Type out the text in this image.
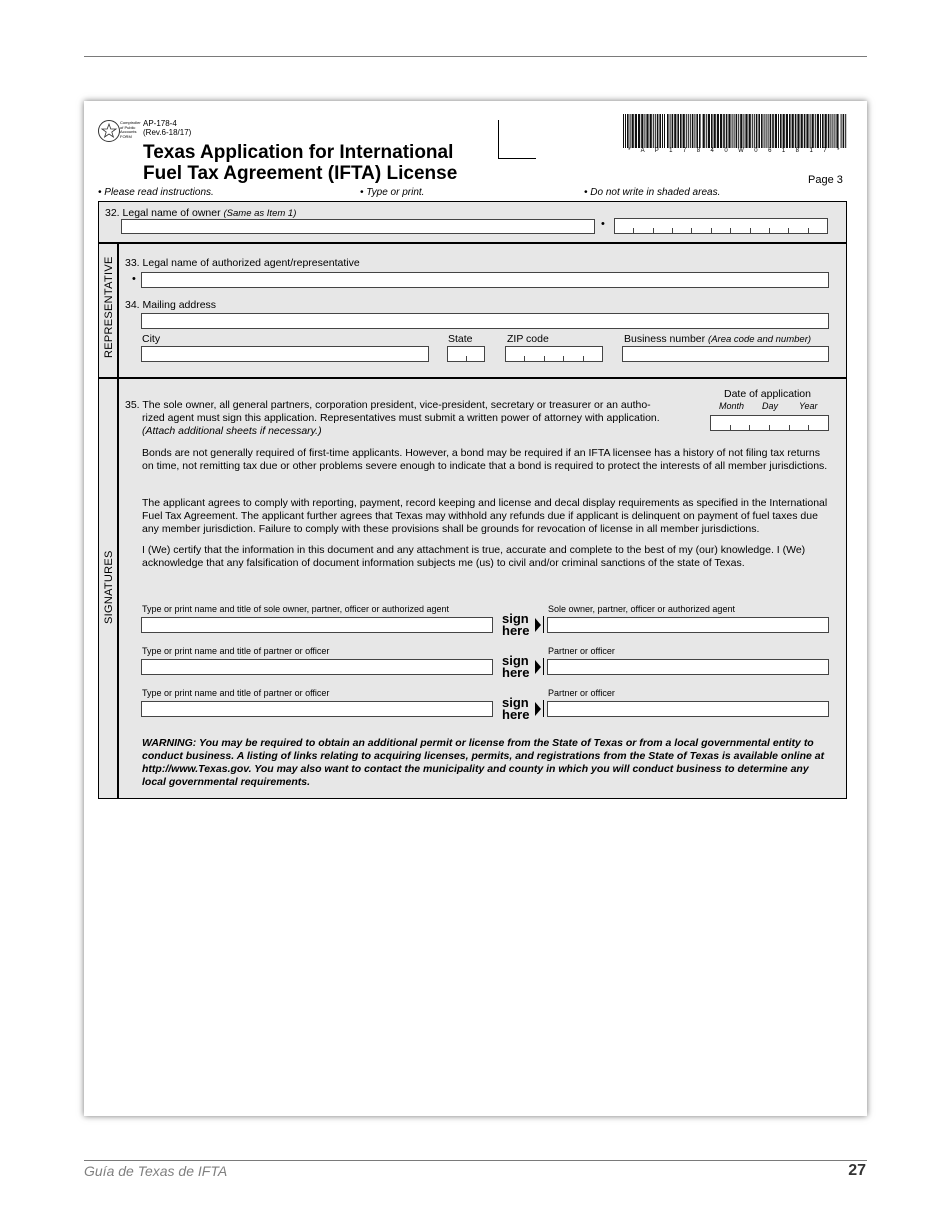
Comptroller of Public Accounts FORM
AP-178-4
(Rev.6-18/17)
Texas Application for International
Fuel Tax Agreement (IFTA) License
* A P 1 7 8 4 0 W 0 6 1 8 1 7 *
Page 3
• Please read instructions.	• Type or print.	• Do not write in shaded areas.
32. Legal name of owner (Same as Item 1)
•
REPRESENTATIVE 33. Legal name of authorized agent/representative
•
34. Mailing address
City	State	ZIP code	Business number (Area code and number)
SIGNATURES
Date of application
Month Day Year
35. The sole owner, all general partners, corporation president, vice-president, secretary or treasurer or an autho-
rized agent must sign this application. Representatives must submit a written power of attorney with application.
(Attach additional sheets if necessary.)
Bonds are not generally required of first-time applicants. However, a bond may be required if an IFTA licensee has a history of not filing tax returns on time, not remitting tax due or other problems severe enough to indicate that a bond is required to protect the interests of all member jurisdictions.
The applicant agrees to comply with reporting, payment, record keeping and license and decal display requirements as specified in the International Fuel Tax Agreement. The applicant further agrees that Texas may withhold any refunds due if applicant is delinquent on payment of fuel taxes due any member jurisdiction. Failure to comply with these provisions shall be grounds for revocation of license in all member jurisdictions.
I (We) certify that the information in this document and any attachment is true, accurate and complete to the best of my (our) knowledge. I (We) acknowledge that any falsification of document information subjects me (us) to civil and/or criminal sanctions of the state of Texas.
Type or print name and title of sole owner, partner, officer or authorized agent
sign
here
Sole owner, partner, officer or authorized agent
Type or print name and title of partner or officer
sign
here
Partner or officer
Type or print name and title of partner or officer
sign
here
Partner or officer
WARNING: You may be required to obtain an additional permit or license from the State of Texas or from a local governmental entity to conduct business. A listing of links relating to acquiring licenses, permits, and registrations from the State of Texas is available online at http://www.Texas.gov. You may also want to contact the municipality and county in which you will conduct business to determine any local governmental requirements.
Guía de Texas de IFTA	27
